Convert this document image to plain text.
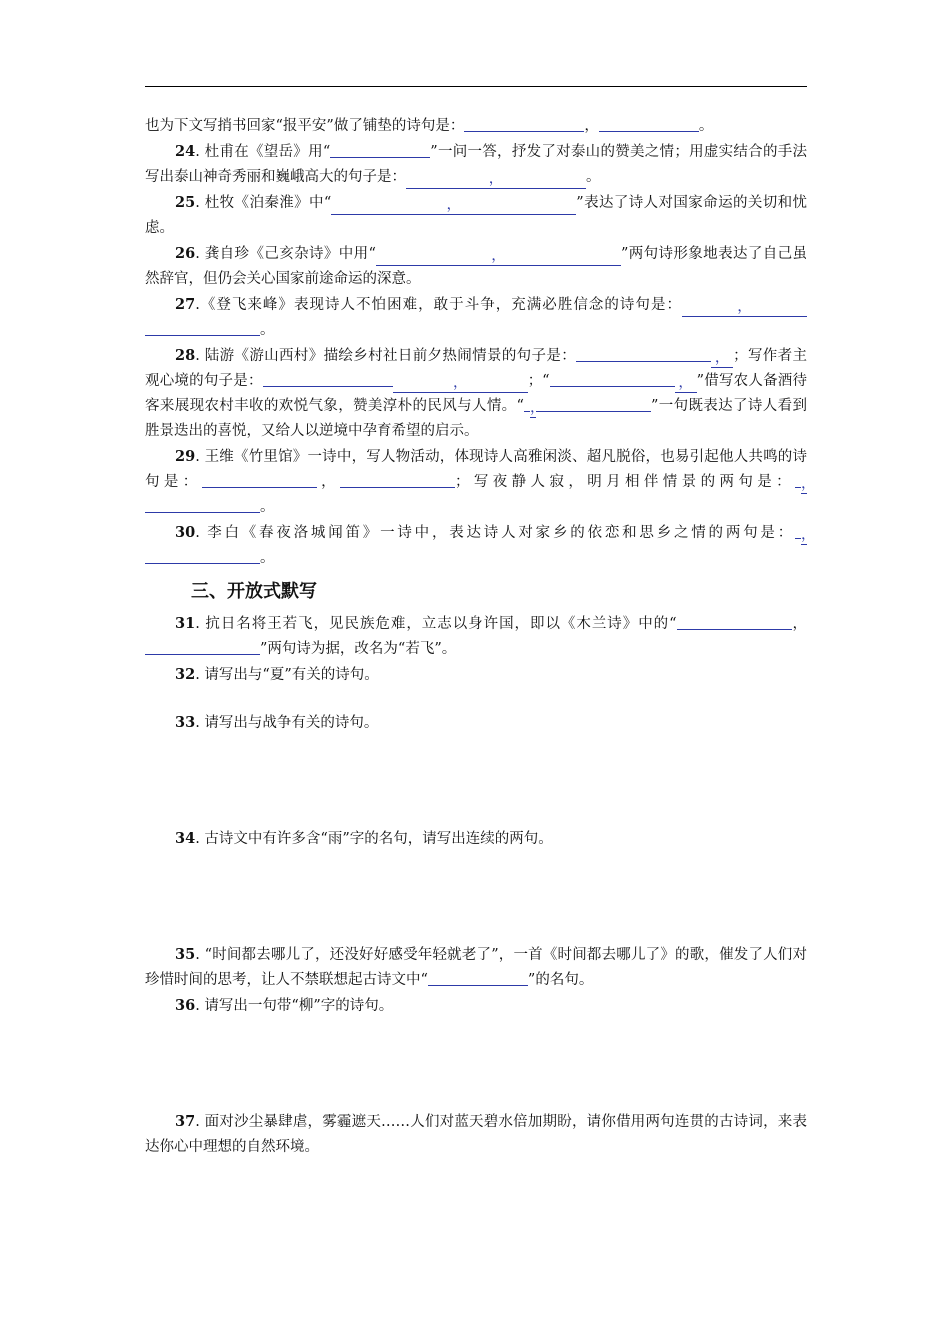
也为下文写捎书回家“报平安”做了铺垫的诗句是：	，	。

24. 杜甫在《望岳》用“	”一问一答，抒发了对泰山的赞美之情；用虚实结合的手法写出泰山神奇秀丽和巍峨高大的句子是：	，	。

25. 杜牧《泊秦淮》中“	，	”表达了诗人对国家命运的关切和忧虑。

26. 龚自珍《己亥杂诗》中用“	，	”两句诗形象地表达了自己虽然辞官，但仍会关心国家前途命运的深意。

27.《登飞来峰》表现诗人不怕困难，敢于斗争，充满必胜信念的诗句是：	，。

28. 陆游《游山西村》描绘乡村社日前夕热闹情景的句子是：	， ；写作者主观心境的句子是：	，	；“	， ”借写农人备酒待客来展现农村丰收的欢悦气象，赞美淳朴的民风与人情。“ ，	”一句既表达了诗人看到胜景迭出的喜悦，又给人以逆境中孕育希望的启示。

29. 王维《竹里馆》一诗中，写人物活动，体现诗人高雅闲淡、超凡脱俗，也易引起他人共鸣的诗句是：	，	；写夜静人寂，明月相伴情景的两句是： ，。

30. 李白《春夜洛城闻笛》一诗中，表达诗人对家乡的依恋和思乡之情的两句是： ，。

三、开放式默写

31. 抗日名将王若飞，见民族危难，立志以身许国，即以《木兰诗》中的“	，”两句诗为据，改名为“若飞”。

32. 请写出与“夏”有关的诗句。

33. 请写出与战争有关的诗句。

34. 古诗文中有许多含“雨”字的名句，请写出连续的两句。

35. “时间都去哪儿了，还没好好感受年轻就老了”，一首《时间都去哪儿了》的歌，催发了人们对珍惜时间的思考，让人不禁联想起古诗文中“	”的名句。

36. 请写出一句带“柳”字的诗句。

37. 面对沙尘暴肆虐，雾霾遮天……人们对蓝天碧水倍加期盼，请你借用两句连贯的古诗词，来表达你心中理想的自然环境。
